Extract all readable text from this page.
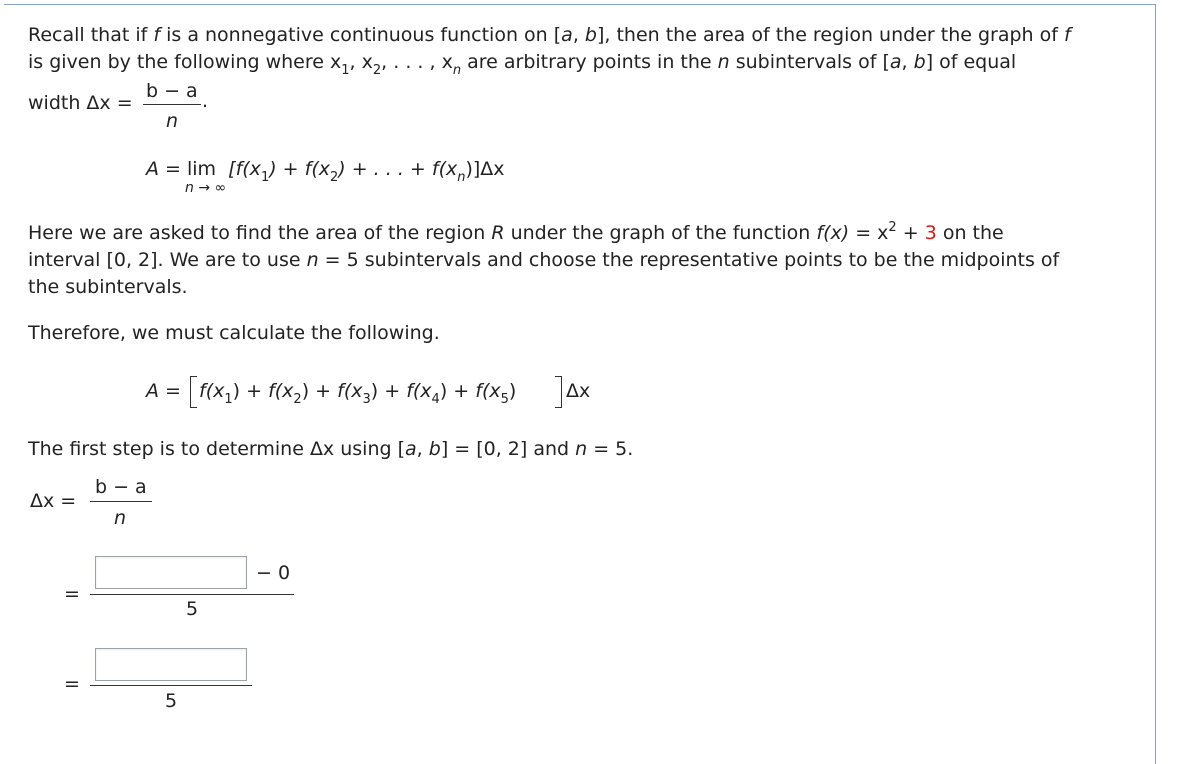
Recall that if f is a nonnegative continuous function on [a, b], then the area of the region under the graph of f
is given by the following where $x_1$, $x_2$, . . . , $x_n$ are arbitrary points in the n subintervals of [a, b] of equal
width Δx =
b − a
n
.
$A = \lim [f(x_1) + f(x_2)$ + . . . + $f(x_n)]\Delta x$
n → ∞
Here we are asked to find the area of the region R under the graph of the function $f(x) = x^2 + 3$ on the
interval [0, 2]. We are to use n = 5 subintervals and choose the representative points to be the midpoints of
the subintervals.
Therefore, we must calculate the following.
$A = f(x_1) + f(x_2) + f(x_3) + f(x_4) + f(x_5)$	Δx
The first step is to determine Δx using [a, b] = [0, 2] and n = 5.
Δx =
b − a
n
=
− 0
5
=
5
